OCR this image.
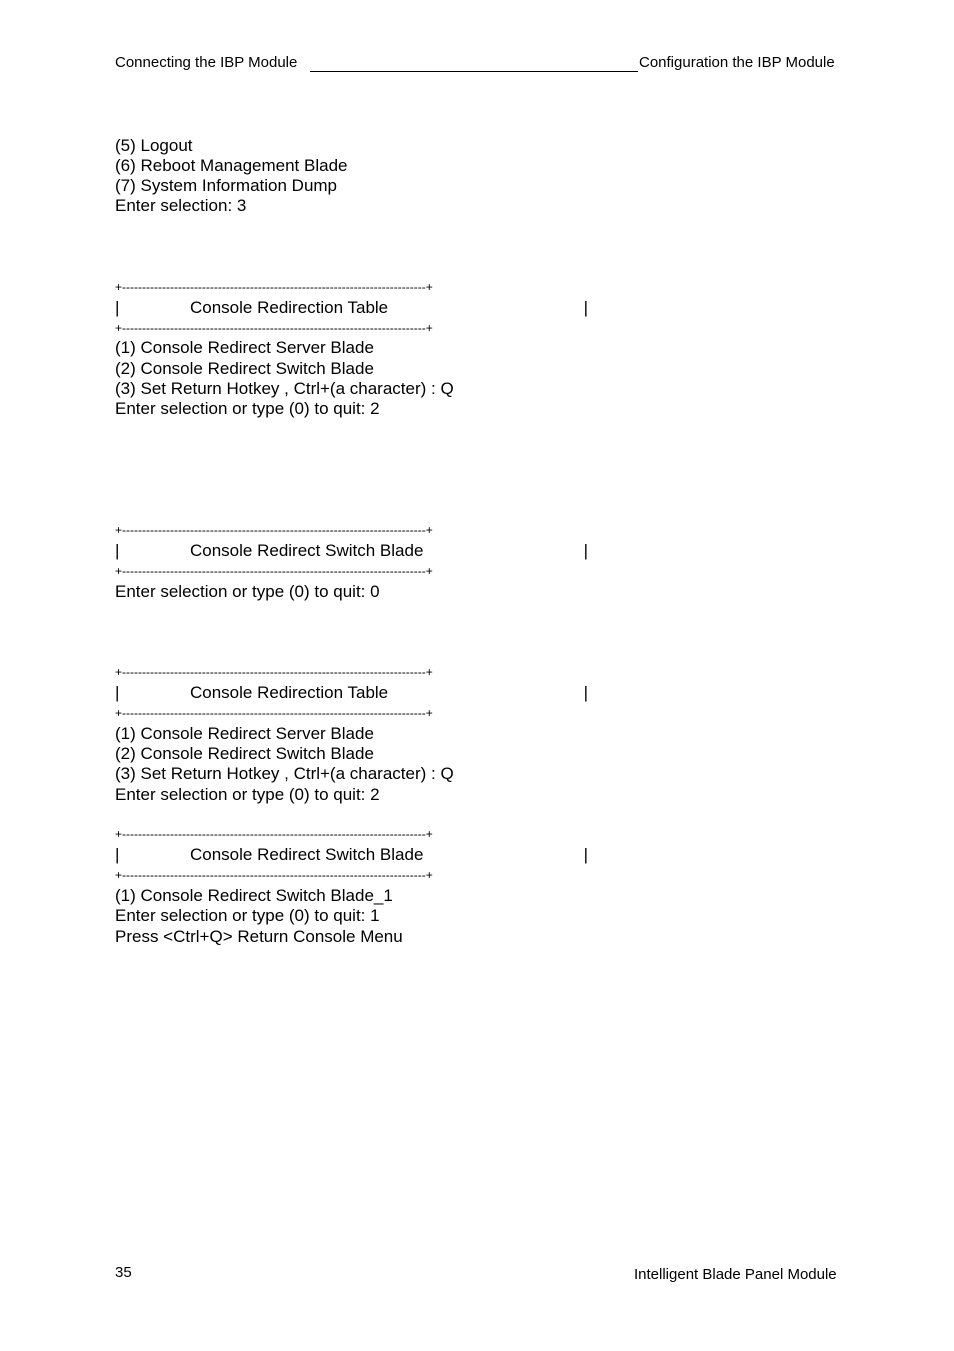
Connecting the IBP Module	Configuration the IBP Module
(5) Logout
(6) Reboot Management Blade
(7) System Information Dump
Enter selection: 3
+----------------------------------------------------------------------------+
|	Console Redirection Table	|
+----------------------------------------------------------------------------+
(1) Console Redirect Server Blade
(2) Console Redirect Switch Blade
(3) Set Return Hotkey , Ctrl+(a character) : Q
Enter selection or type (0) to quit: 2
+----------------------------------------------------------------------------+
|	Console Redirect Switch Blade	|
+----------------------------------------------------------------------------+
Enter selection or type (0) to quit: 0
+----------------------------------------------------------------------------+
|	Console Redirection Table	|
+----------------------------------------------------------------------------+
(1) Console Redirect Server Blade
(2) Console Redirect Switch Blade
(3) Set Return Hotkey , Ctrl+(a character) : Q
Enter selection or type (0) to quit: 2
+----------------------------------------------------------------------------+
|	Console Redirect Switch Blade	|
+----------------------------------------------------------------------------+
(1) Console Redirect Switch Blade_1
Enter selection or type (0) to quit: 1
Press <Ctrl+Q> Return Console Menu
35	Intelligent Blade Panel Module
